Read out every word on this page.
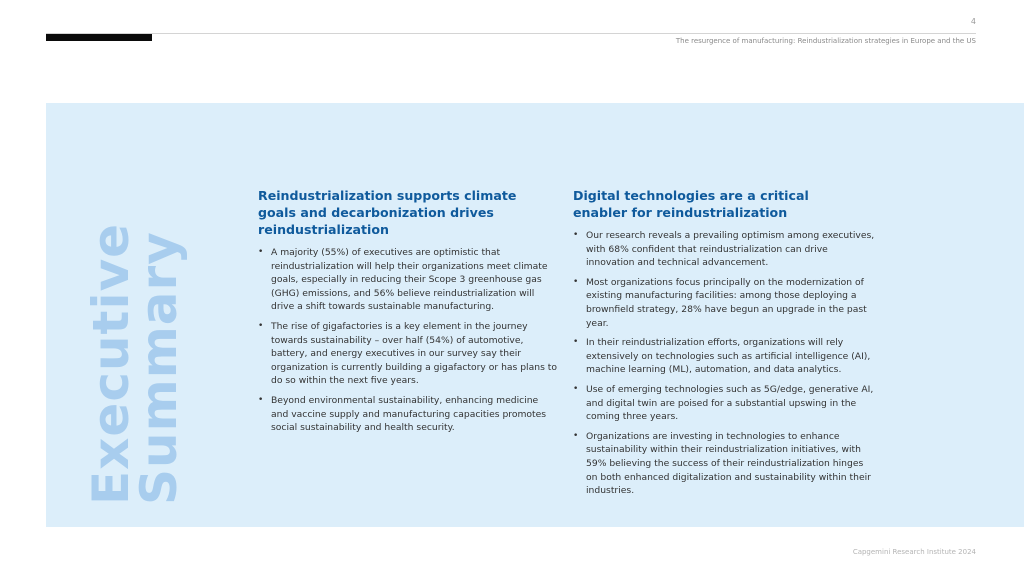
4
The resurgence of manufacturing: Reindustrialization strategies in Europe and the US
Executive
Summary
Reindustrialization supports climate goals and decarbonization drives reindustrialization
• A majority (55%) of executives are optimistic that reindustrialization will help their organizations meet climate goals, especially in reducing their Scope 3 greenhouse gas (GHG) emissions, and 56% believe reindustrialization will drive a shift towards sustainable manufacturing.
• The rise of gigafactories is a key element in the journey towards sustainability – over half (54%) of automotive, battery, and energy executives in our survey say their organization is currently building a gigafactory or has plans to do so within the next five years.
• Beyond environmental sustainability, enhancing medicine and vaccine supply and manufacturing capacities promotes social sustainability and health security.
Digital technologies are a critical enabler for reindustrialization
• Our research reveals a prevailing optimism among executives, with 68% confident that reindustrialization can drive innovation and technical advancement.
• Most organizations focus principally on the modernization of existing manufacturing facilities: among those deploying a brownfield strategy, 28% have begun an upgrade in the past year.
• In their reindustrialization efforts, organizations will rely extensively on technologies such as artificial intelligence (AI), machine learning (ML), automation, and data analytics.
• Use of emerging technologies such as 5G/edge, generative AI, and digital twin are poised for a substantial upswing in the coming three years.
• Organizations are investing in technologies to enhance sustainability within their reindustrialization initiatives, with 59% believing the success of their reindustrialization hinges on both enhanced digitalization and sustainability within their industries.
Capgemini Research Institute 2024
